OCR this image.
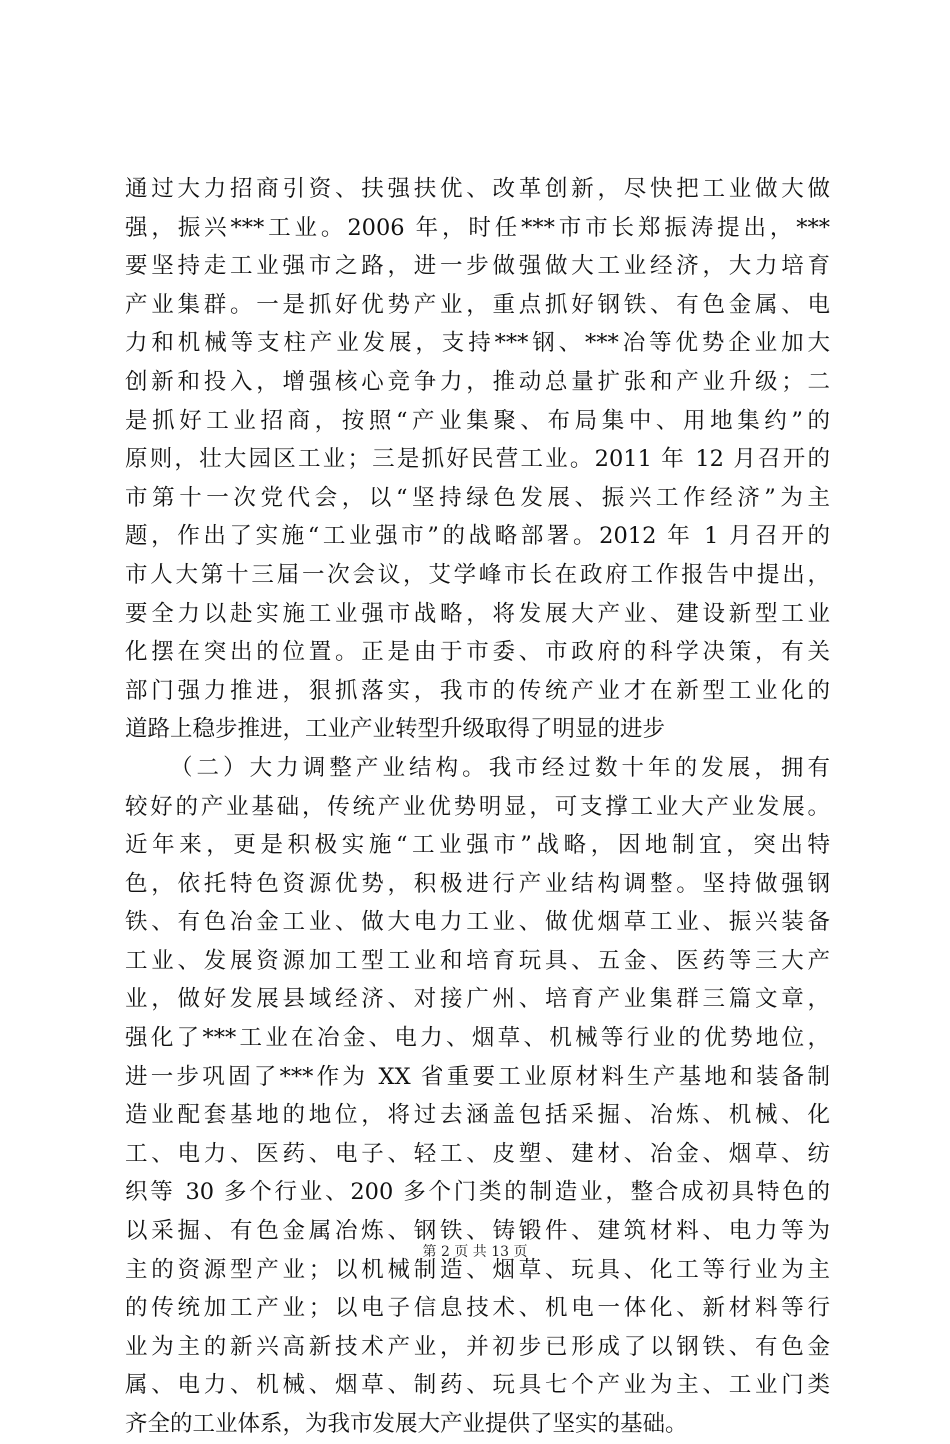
通过大力招商引资、扶强扶优、改革创新，尽快把工业做大做
强，振兴***工业。2006 年，时任***市市长郑振涛提出，***
要坚持走工业强市之路，进一步做强做大工业经济，大力培育
产业集群。一是抓好优势产业，重点抓好钢铁、有色金属、电
力和机械等支柱产业发展，支持***钢、***冶等优势企业加大
创新和投入，增强核心竞争力，推动总量扩张和产业升级；二
是抓好工业招商，按照“产业集聚、布局集中、用地集约”的
原则，壮大园区工业；三是抓好民营工业。2011 年 12 月召开的
市第十一次党代会，以“坚持绿色发展、振兴工作经济”为主
题，作出了实施“工业强市”的战略部署。2012 年 1 月召开的
市人大第十三届一次会议，艾学峰市长在政府工作报告中提出，
要全力以赴实施工业强市战略，将发展大产业、建设新型工业
化摆在突出的位置。正是由于市委、市政府的科学决策，有关
部门强力推进，狠抓落实，我市的传统产业才在新型工业化的
道路上稳步推进，工业产业转型升级取得了明显的进步
（二）大力调整产业结构。我市经过数十年的发展，拥有
较好的产业基础，传统产业优势明显，可支撑工业大产业发展。
近年来，更是积极实施“工业强市”战略，因地制宜，突出特
色，依托特色资源优势，积极进行产业结构调整。坚持做强钢
铁、有色冶金工业、做大电力工业、做优烟草工业、振兴装备
工业、发展资源加工型工业和培育玩具、五金、医药等三大产
业，做好发展县域经济、对接广州、培育产业集群三篇文章，
强化了***工业在冶金、电力、烟草、机械等行业的优势地位，
进一步巩固了***作为 XX 省重要工业原材料生产基地和装备制
造业配套基地的地位，将过去涵盖包括采掘、冶炼、机械、化
工、电力、医药、电子、轻工、皮塑、建材、冶金、烟草、纺
织等 30 多个行业、200 多个门类的制造业，整合成初具特色的
以采掘、有色金属冶炼、钢铁、铸锻件、建筑材料、电力等为
主的资源型产业；以机械制造、烟草、玩具、化工等行业为主
的传统加工产业；以电子信息技术、机电一体化、新材料等行
业为主的新兴高新技术产业，并初步已形成了以钢铁、有色金
属、电力、机械、烟草、制药、玩具七个产业为主、工业门类
齐全的工业体系，为我市发展大产业提供了坚实的基础。
第 2 页 共 13 页
